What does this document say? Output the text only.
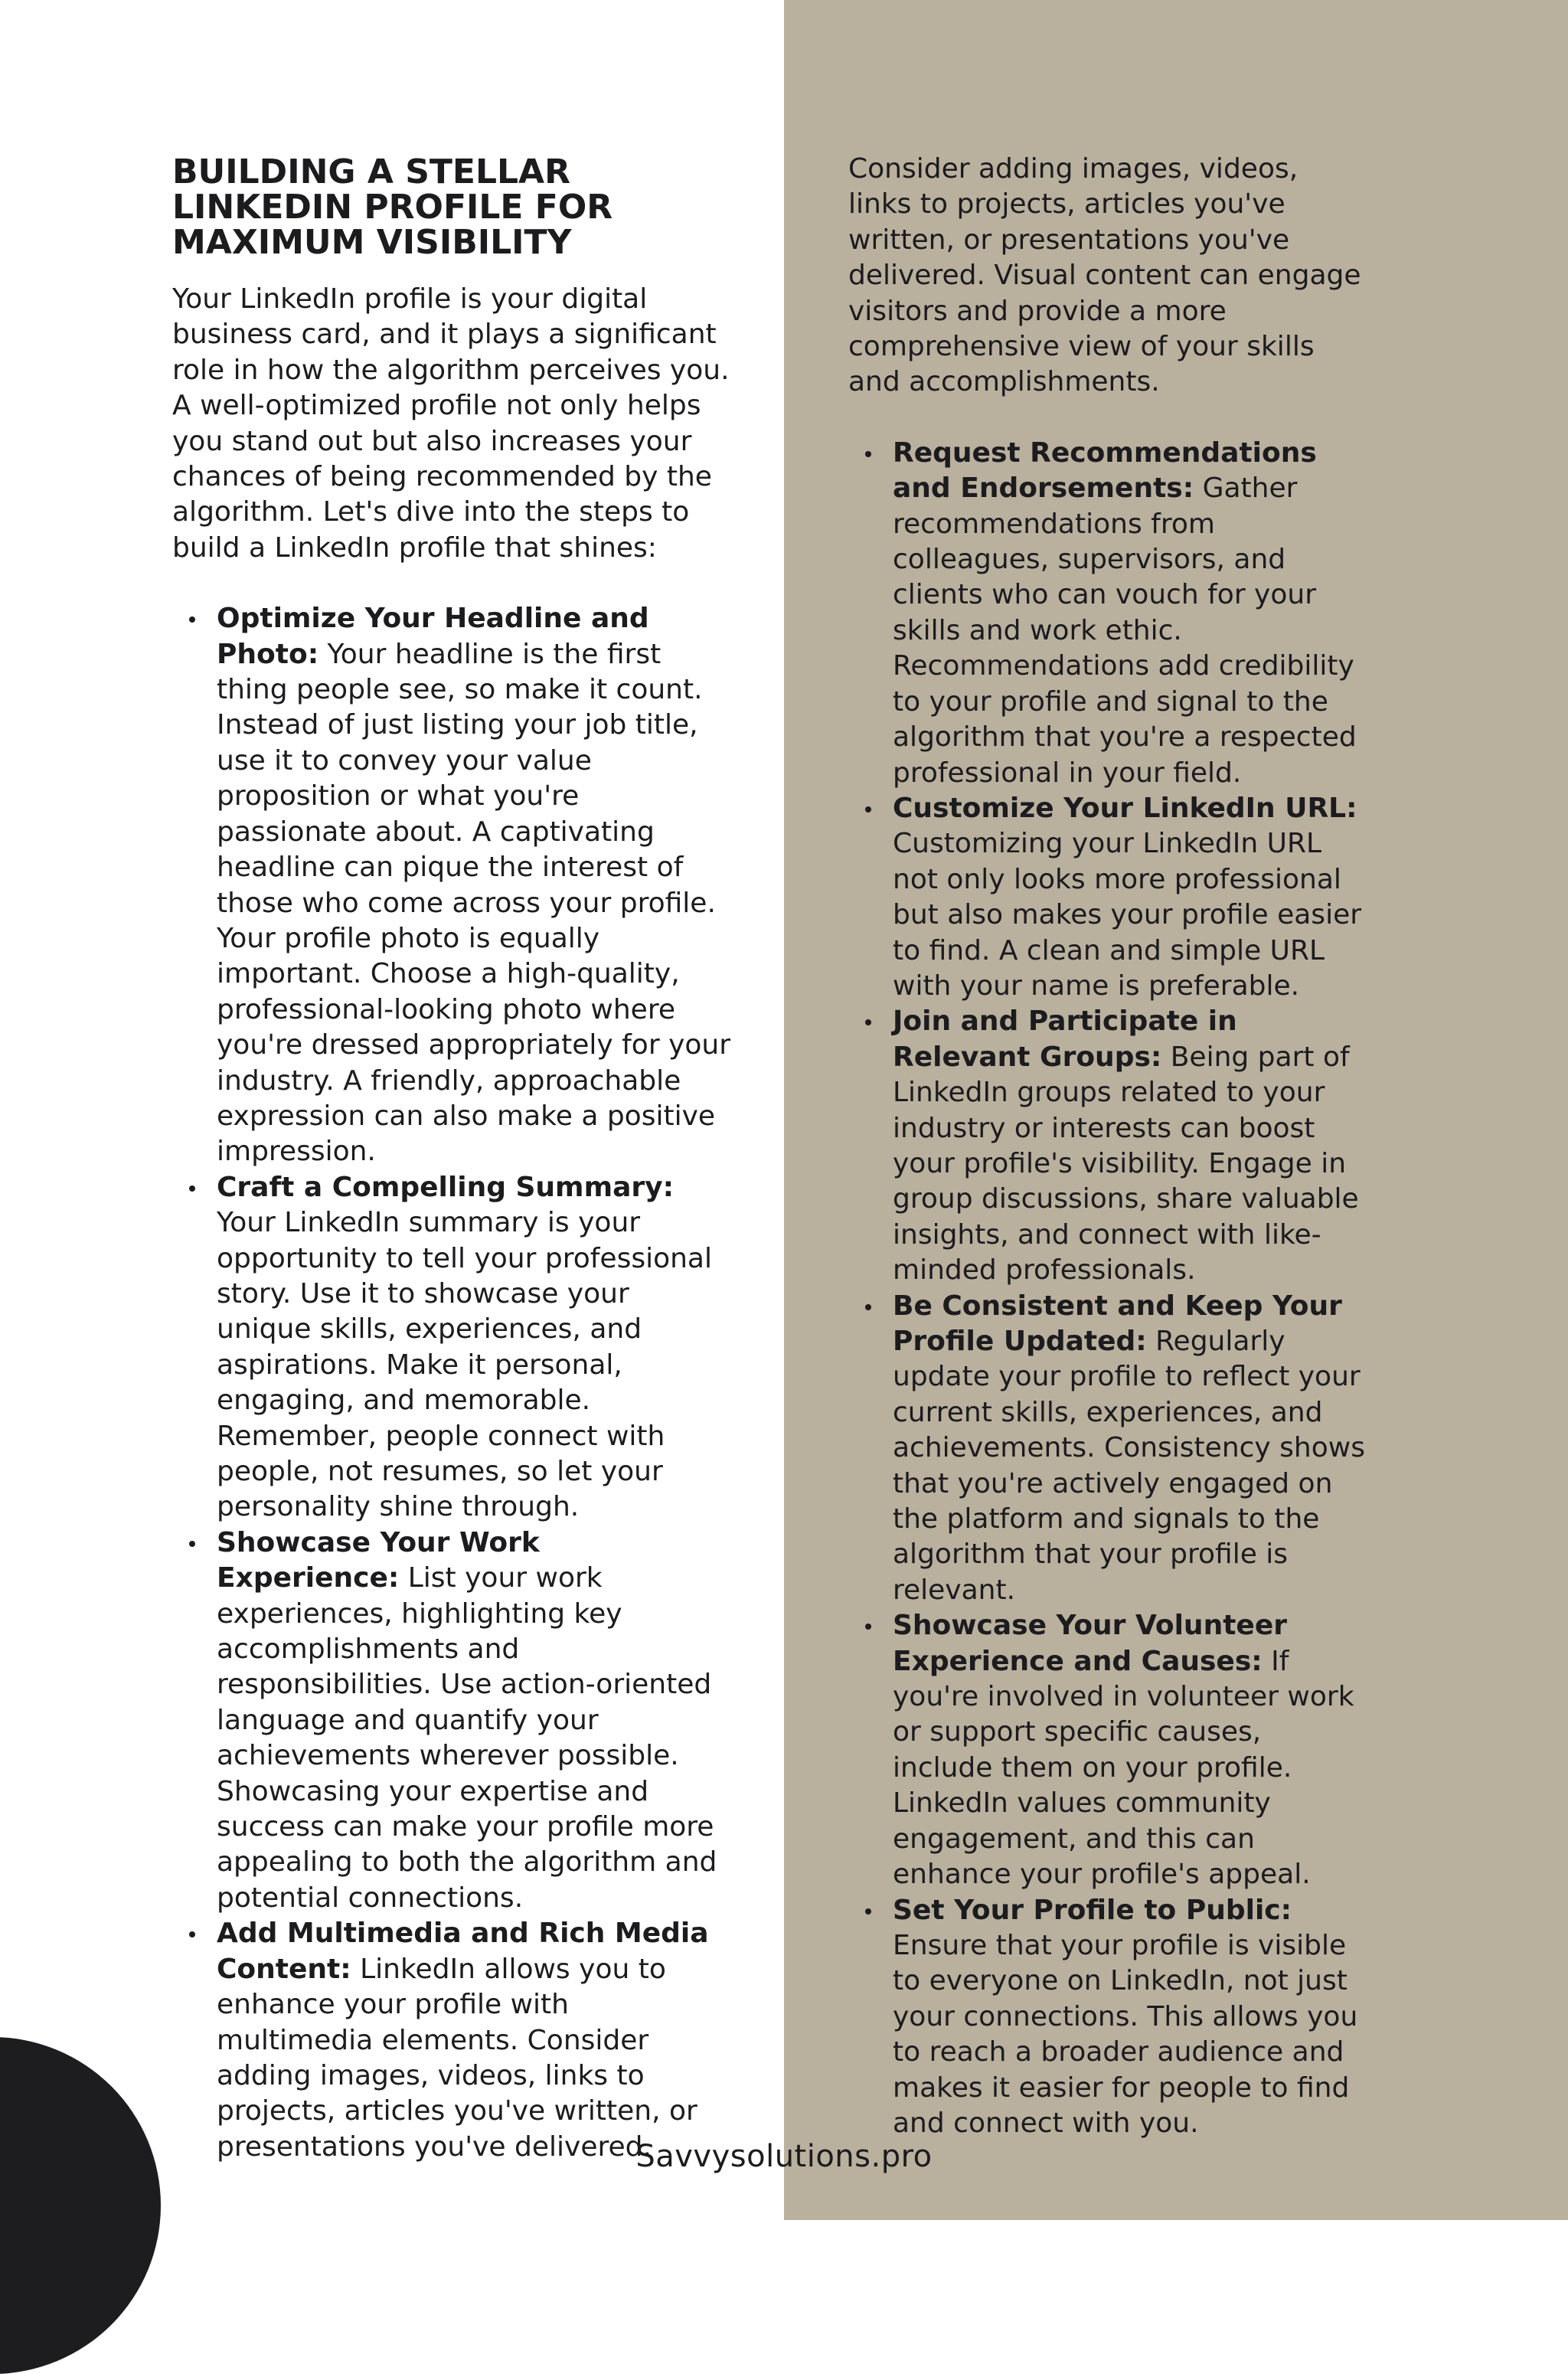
BUILDING A STELLAR LINKEDIN PROFILE FOR MAXIMUM VISIBILITY

Your LinkedIn profile is your digital business card, and it plays a significant role in how the algorithm perceives you. A well-optimized profile not only helps you stand out but also increases your chances of being recommended by the algorithm. Let's dive into the steps to build a LinkedIn profile that shines:

Optimize Your Headline and Photo: Your headline is the first thing people see, so make it count. Instead of just listing your job title, use it to convey your value proposition or what you're passionate about. A captivating headline can pique the interest of those who come across your profile. Your profile photo is equally important. Choose a high-quality, professional-looking photo where you're dressed appropriately for your industry. A friendly, approachable expression can also make a positive impression.
Craft a Compelling Summary: Your LinkedIn summary is your opportunity to tell your professional story. Use it to showcase your unique skills, experiences, and aspirations. Make it personal, engaging, and memorable. Remember, people connect with people, not resumes, so let your personality shine through.
Showcase Your Work Experience: List your work experiences, highlighting key accomplishments and responsibilities. Use action-oriented language and quantify your achievements wherever possible. Showcasing your expertise and success can make your profile more appealing to both the algorithm and potential connections.
Add Multimedia and Rich Media Content: LinkedIn allows you to enhance your profile with multimedia elements. Consider adding images, videos, links to projects, articles you've written, or presentations you've delivered.

Consider adding images, videos, links to projects, articles you've written, or presentations you've delivered. Visual content can engage visitors and provide a more comprehensive view of your skills and accomplishments.

Request Recommendations and Endorsements: Gather recommendations from colleagues, supervisors, and clients who can vouch for your skills and work ethic. Recommendations add credibility to your profile and signal to the algorithm that you're a respected professional in your field.
Customize Your LinkedIn URL: Customizing your LinkedIn URL not only looks more professional but also makes your profile easier to find. A clean and simple URL with your name is preferable.
Join and Participate in Relevant Groups: Being part of LinkedIn groups related to your industry or interests can boost your profile's visibility. Engage in group discussions, share valuable insights, and connect with like-minded professionals.
Be Consistent and Keep Your Profile Updated: Regularly update your profile to reflect your current skills, experiences, and achievements. Consistency shows that you're actively engaged on the platform and signals to the algorithm that your profile is relevant.
Showcase Your Volunteer Experience and Causes: If you're involved in volunteer work or support specific causes, include them on your profile. LinkedIn values community engagement, and this can enhance your profile's appeal.
Set Your Profile to Public: Ensure that your profile is visible to everyone on LinkedIn, not just your connections. This allows you to reach a broader audience and makes it easier for people to find and connect with you.
Savvysolutions.pro
